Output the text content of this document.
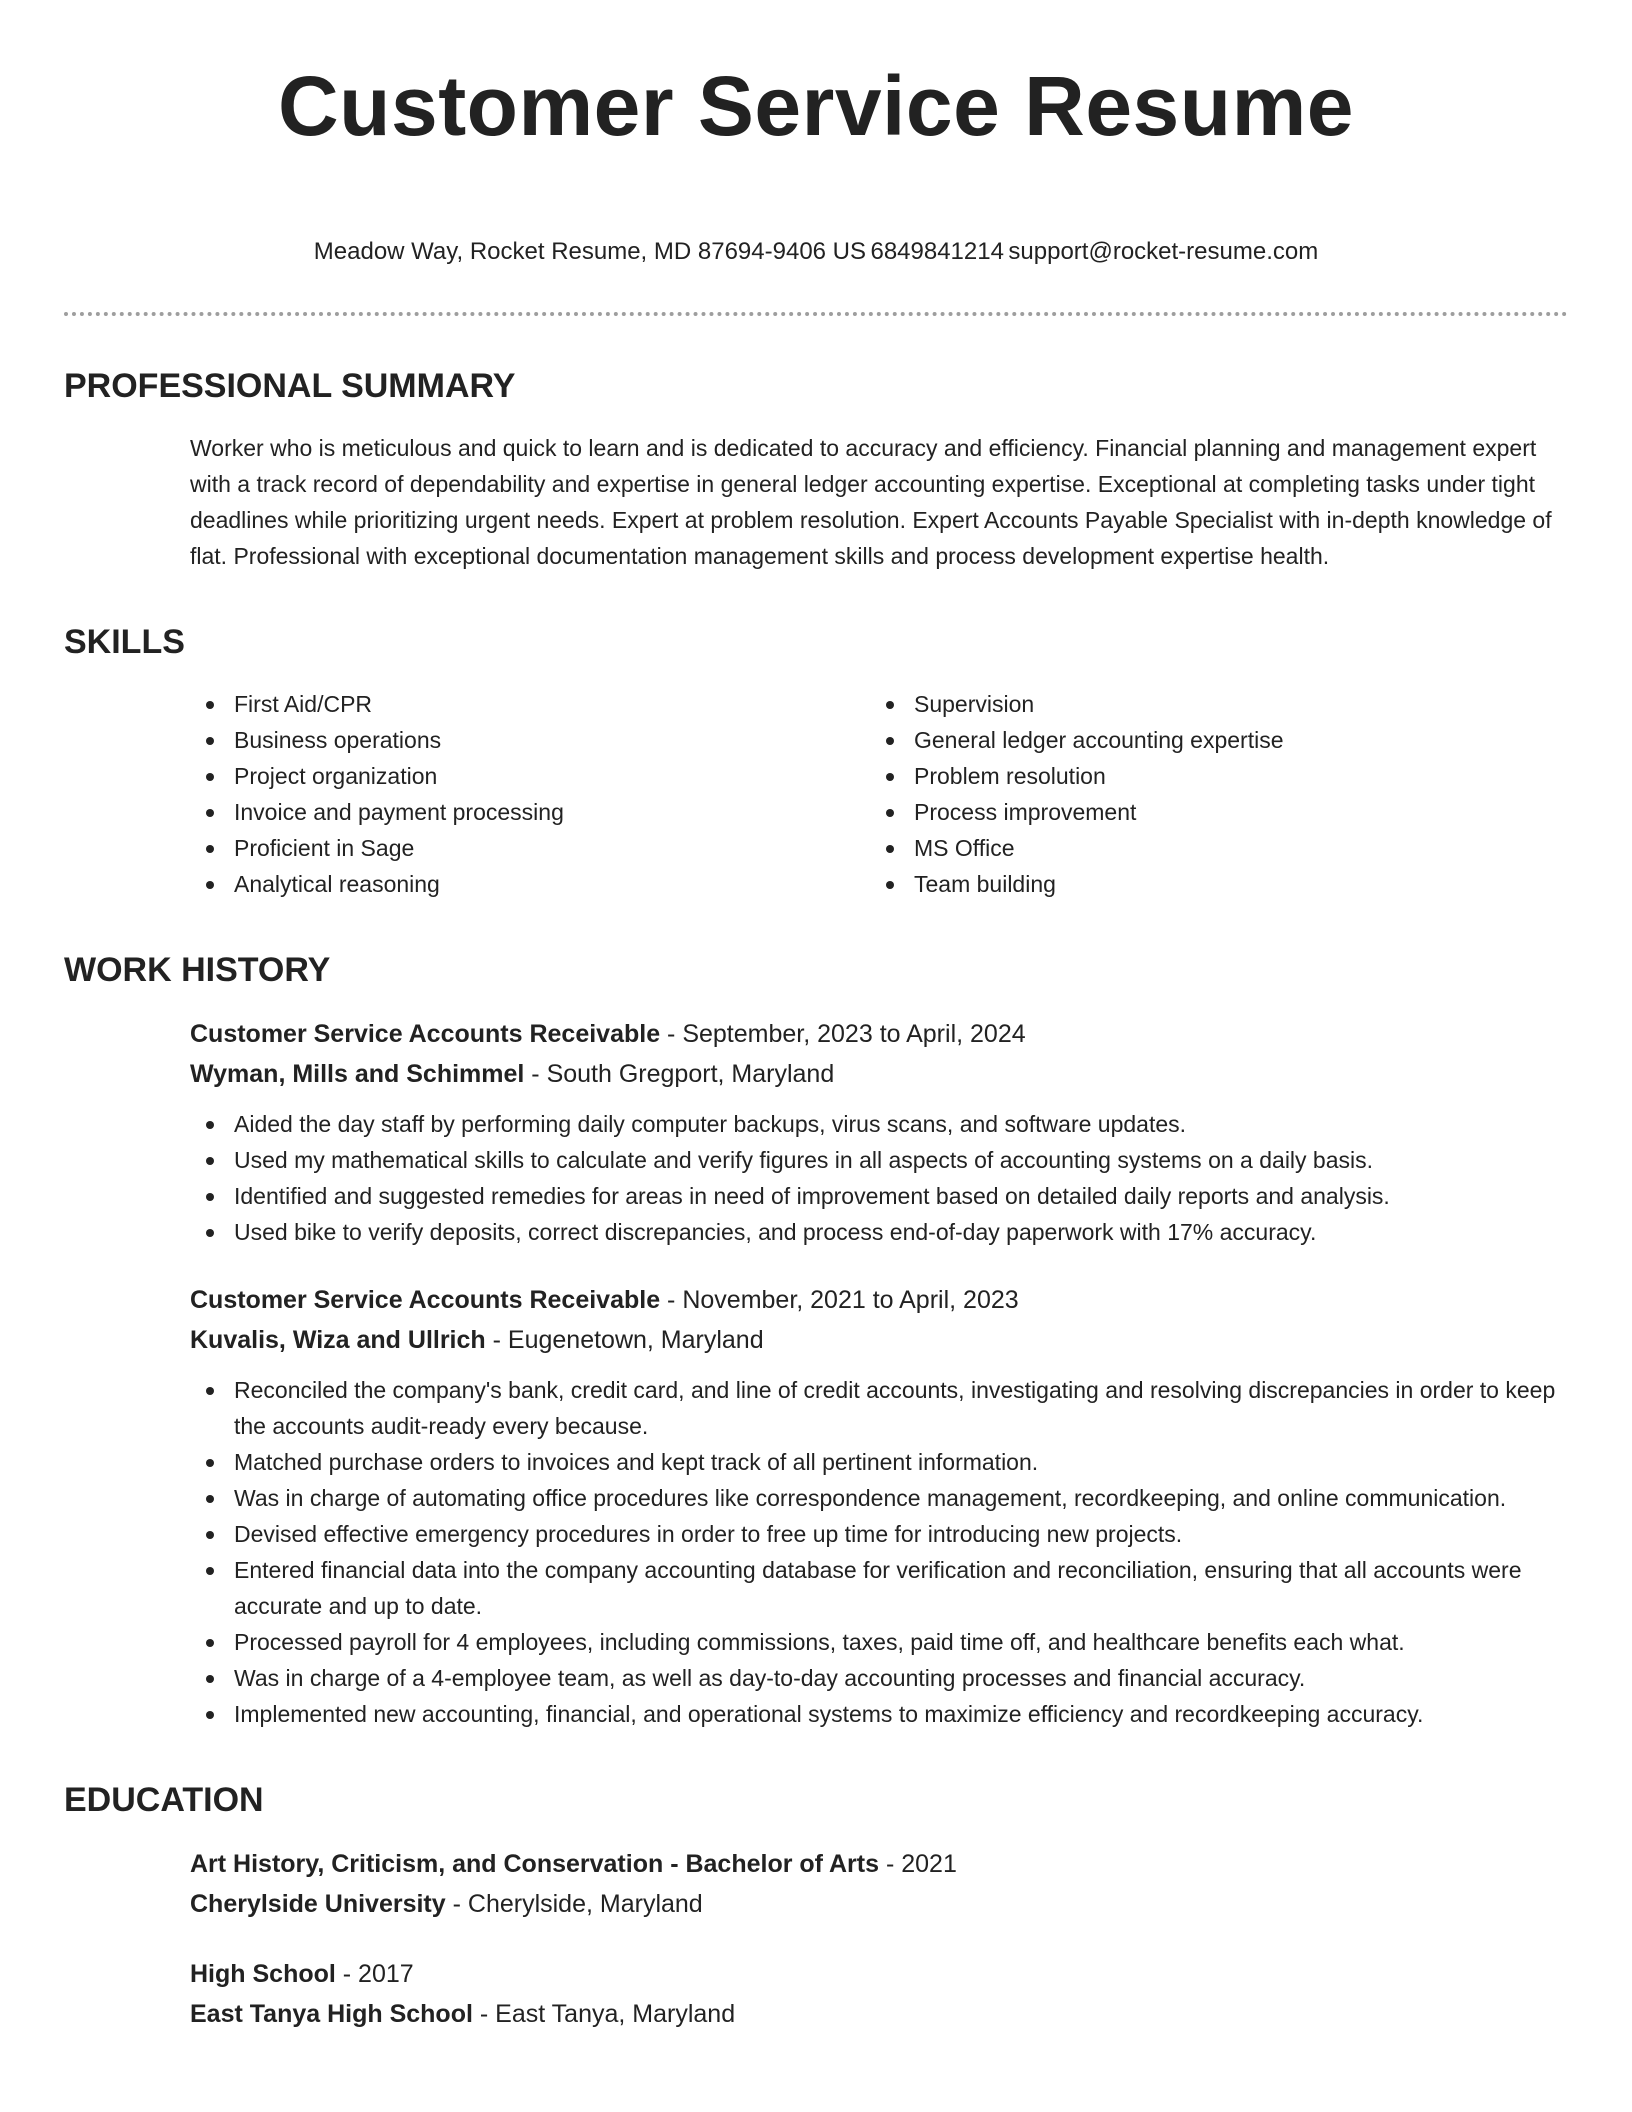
Customer Service Resume
Meadow Way, Rocket Resume, MD 87694-9406 US 6849841214 support@rocket-resume.com
PROFESSIONAL SUMMARY

Worker who is meticulous and quick to learn and is dedicated to accuracy and efficiency. Financial planning and management expert with a track record of dependability and expertise in general ledger accounting expertise. Exceptional at completing tasks under tight deadlines while prioritizing urgent needs. Expert at problem resolution. Expert Accounts Payable Specialist with in-depth knowledge of flat. Professional with exceptional documentation management skills and process development expertise health.

SKILLS
First Aid/CPR
Business operations
Project organization
Invoice and payment processing
Proficient in Sage
Analytical reasoning
Supervision
General ledger accounting expertise
Problem resolution
Process improvement
MS Office
Team building
WORK HISTORY
Customer Service Accounts Receivable - September, 2023 to April, 2024
Wyman, Mills and Schimmel - South Gregport, Maryland
Aided the day staff by performing daily computer backups, virus scans, and software updates.
Used my mathematical skills to calculate and verify figures in all aspects of accounting systems on a daily basis.
Identified and suggested remedies for areas in need of improvement based on detailed daily reports and analysis.
Used bike to verify deposits, correct discrepancies, and process end-of-day paperwork with 17% accuracy.
Customer Service Accounts Receivable - November, 2021 to April, 2023
Kuvalis, Wiza and Ullrich - Eugenetown, Maryland
Reconciled the company's bank, credit card, and line of credit accounts, investigating and resolving discrepancies in order to keep the accounts audit-ready every because.
Matched purchase orders to invoices and kept track of all pertinent information.
Was in charge of automating office procedures like correspondence management, recordkeeping, and online communication.
Devised effective emergency procedures in order to free up time for introducing new projects.
Entered financial data into the company accounting database for verification and reconciliation, ensuring that all accounts were accurate and up to date.
Processed payroll for 4 employees, including commissions, taxes, paid time off, and healthcare benefits each what.
Was in charge of a 4-employee team, as well as day-to-day accounting processes and financial accuracy.
Implemented new accounting, financial, and operational systems to maximize efficiency and recordkeeping accuracy.
EDUCATION
Art History, Criticism, and Conservation - Bachelor of Arts - 2021
Cherylside University - Cherylside, Maryland
High School - 2017
East Tanya High School - East Tanya, Maryland
